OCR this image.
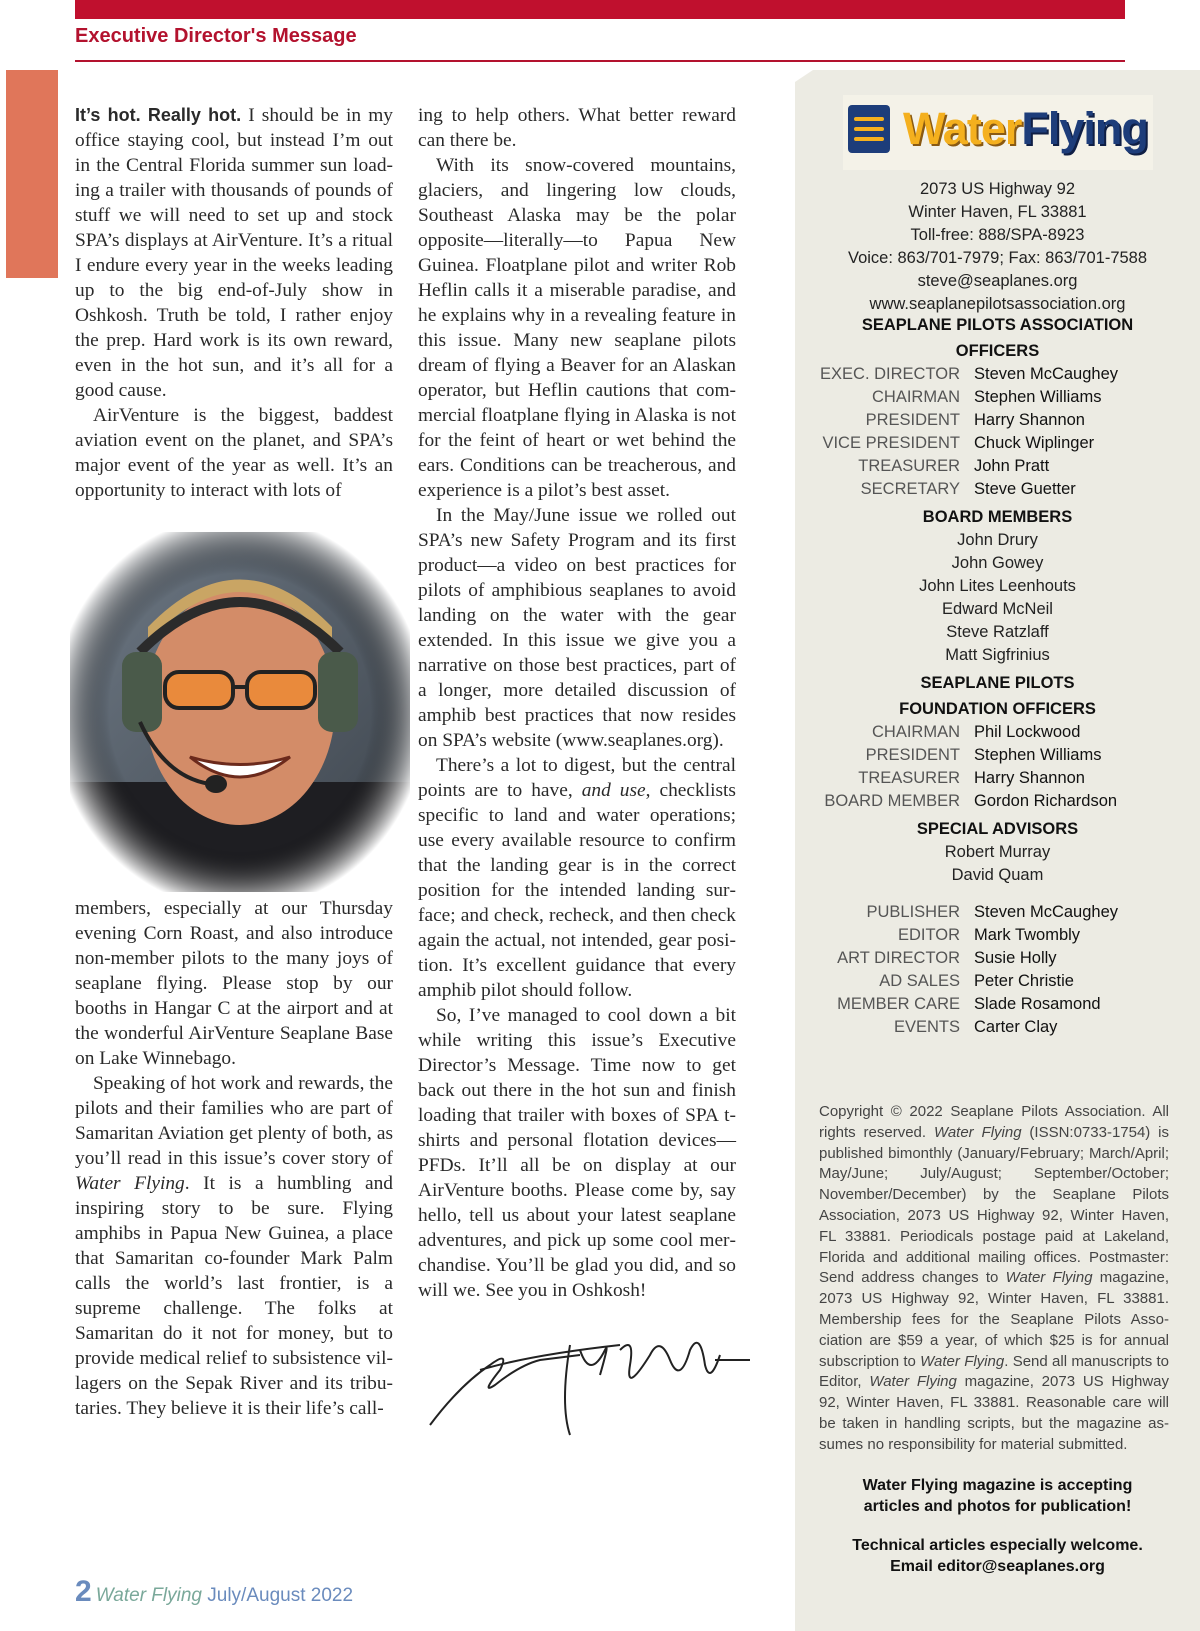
Executive Director's Message

It’s hot. Really hot. I should be in my office staying cool, but instead I’m out in the Central Florida summer sun loading a trailer with thousands of pounds of stuff we will need to set up and stock SPA’s displays at AirVenture. It’s a ritual I endure every year in the weeks leading up to the big end-of-July show in Oshkosh. Truth be told, I rather enjoy the prep. Hard work is its own reward, even in the hot sun, and it’s all for a good cause.

AirVenture is the biggest, baddest aviation event on the planet, and SPA’s major event of the year as well. It’s an opportunity to interact with lots of

members, especially at our Thursday evening Corn Roast, and also introduce non-member pilots to the many joys of seaplane flying. Please stop by our booths in Hangar C at the airport and at the wonderful AirVenture Seaplane Base on Lake Winnebago.

Speaking of hot work and rewards, the pilots and their families who are part of Samaritan Aviation get plenty of both, as you’ll read in this issue’s cover story of Water Flying. It is a humbling and inspiring story to be sure. Flying amphibs in Papua New Guinea, a place that Samaritan co-founder Mark Palm calls the world’s last frontier, is a supreme challenge. The folks at Samaritan do it not for money, but to provide medical relief to subsistence villagers on the Sepak River and its tributaries. They believe it is their life’s call-

ing to help others. What better reward can there be.

With its snow-covered mountains, glaciers, and lingering low clouds, Southeast Alaska may be the polar opposite—literally—to Papua New Guinea. Floatplane pilot and writer Rob Heflin calls it a miserable paradise, and he explains why in a revealing feature in this issue. Many new seaplane pilots dream of flying a Beaver for an Alaskan operator, but Heflin cautions that commercial floatplane flying in Alaska is not for the feint of heart or wet behind the ears. Conditions can be treacherous, and experience is a pilot’s best asset.

In the May/June issue we rolled out SPA’s new Safety Program and its first product—a video on best practices for pilots of amphibious seaplanes to avoid landing on the water with the gear extended. In this issue we give you a narrative on those best practices, part of a longer, more detailed discussion of amphib best practices that now resides on SPA’s website (www.seaplanes.org).

There’s a lot to digest, but the central points are to have, and use, checklists specific to land and water operations; use every available resource to confirm that the landing gear is in the correct position for the intended landing surface; and check, recheck, and then check again the actual, not intended, gear position. It’s excellent guidance that every amphib pilot should follow.

So, I’ve managed to cool down a bit while writing this issue’s Executive Director’s Message. Time now to get back out there in the hot sun and finish loading that trailer with boxes of SPA t-shirts and personal flotation devices—PFDs. It’ll all be on display at our AirVenture booths. Please come by, say hello, tell us about your latest seaplane adventures, and pick up some cool merchandise. You’ll be glad you did, and so will we. See you in Oshkosh!

WaterFlying
2073 US Highway 92
Winter Haven, FL 33881
Toll-free: 888/SPA-8923
Voice: 863/701-7979; Fax: 863/701-7588
steve@seaplanes.org
www.seaplanepilotsassociation.org
SEAPLANE PILOTS ASSOCIATION
OFFICERS
EXEC. DIRECTOR Steven McCaughey
CHAIRMAN Stephen Williams
PRESIDENT Harry Shannon
VICE PRESIDENT Chuck Wiplinger
TREASURER John Pratt
SECRETARY Steve Guetter
BOARD MEMBERS
John Drury
John Gowey
John Lites Leenhouts
Edward McNeil
Steve Ratzlaff
Matt Sigfrinius
SEAPLANE PILOTS
FOUNDATION OFFICERS
CHAIRMAN Phil Lockwood
PRESIDENT Stephen Williams
TREASURER Harry Shannon
BOARD MEMBER Gordon Richardson
SPECIAL ADVISORS
Robert Murray
David Quam
PUBLISHER Steven McCaughey
EDITOR Mark Twombly
ART DIRECTOR Susie Holly
AD SALES Peter Christie
MEMBER CARE Slade Rosamond
EVENTS Carter Clay
Copyright © 2022 Seaplane Pilots Association. All rights reserved. Water Flying (ISSN:0733-1754) is published bimonthly (January/February; March/April; May/June; July/August; September/October; November/December) by the Seaplane Pilots Association, 2073 US Highway 92, Winter Haven, FL 33881. Periodicals postage paid at Lakeland, Florida and additional mailing offices. Postmaster: Send address changes to Water Flying magazine, 2073 US Highway 92, Winter Haven, FL 33881. Membership fees for the Seaplane Pilots Association are $59 a year, of which $25 is for annual subscription to Water Flying. Send all manuscripts to Editor, Water Flying magazine, 2073 US Highway 92, Winter Haven, FL 33881. Reasonable care will be taken in handling scripts, but the magazine assumes no responsibility for material submitted.
Water Flying magazine is accepting
articles and photos for publication!
Technical articles especially welcome.
Email editor@seaplanes.org
2 Water Flying July/August 2022
